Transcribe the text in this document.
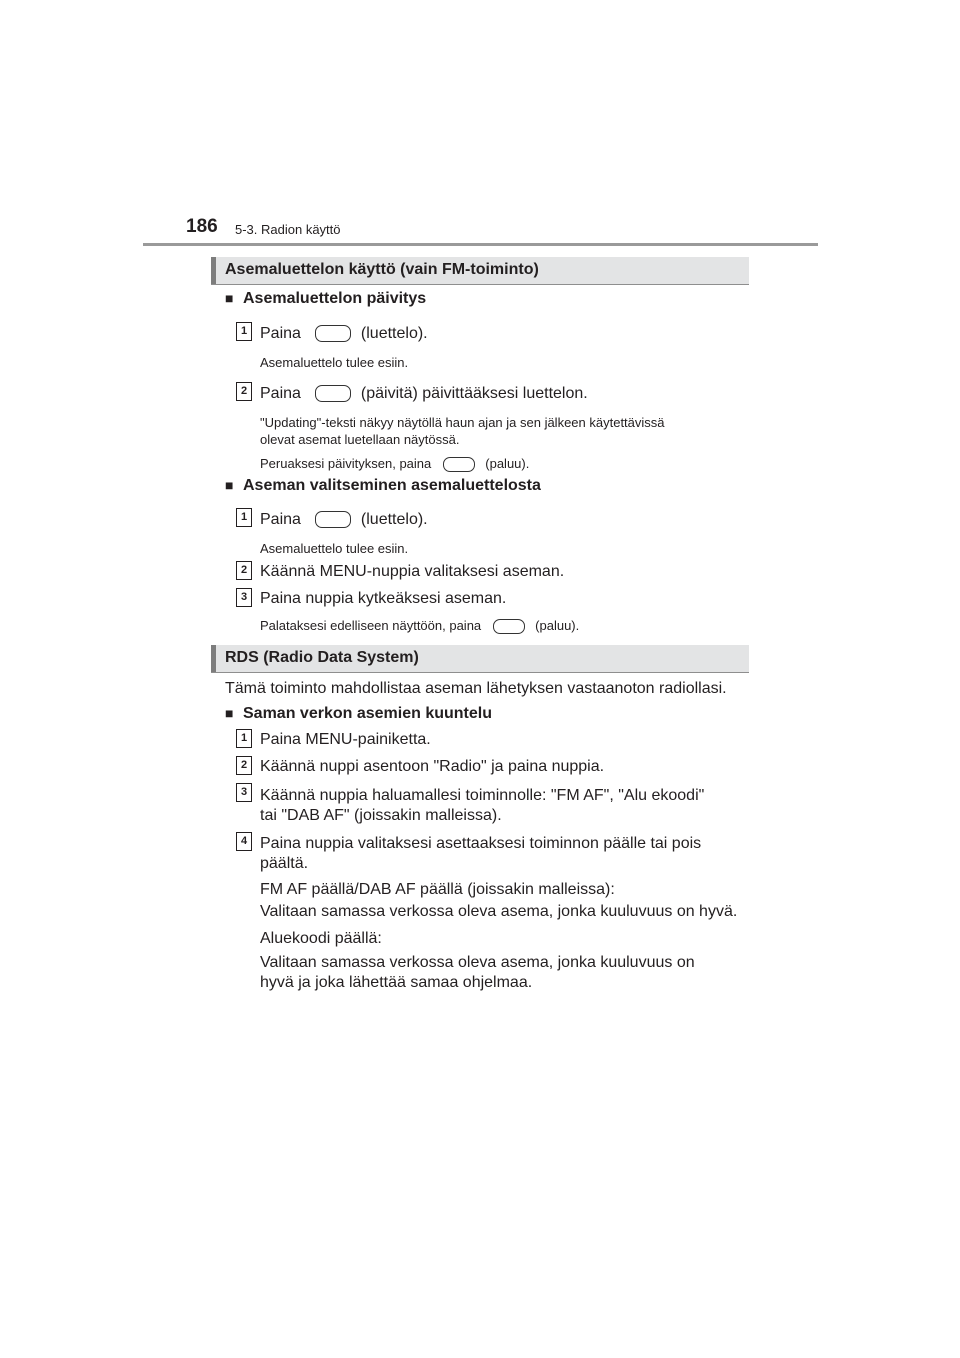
186 5-3. Radion käyttö
Asemaluettelon käyttö (vain FM-toiminto)
■ Asemaluettelon päivitys
1 Paina	(luettelo).
Asemaluettelo tulee esiin.
2 Paina	(päivitä) päivittääksesi luettelon.
"Updating"-teksti näkyy näytöllä haun ajan ja sen jälkeen käytettävissä
olevat asemat luetellaan näytössä.
Peruaksesi päivityksen, paina	(paluu).
■ Aseman valitseminen asemaluettelosta
1 Paina	(luettelo).
Asemaluettelo tulee esiin.
2 Käännä MENU-nuppia valitaksesi aseman.
3 Paina nuppia kytkeäksesi aseman.
Palataksesi edelliseen näyttöön, paina	(paluu).
RDS (Radio Data System)
Tämä toiminto mahdollistaa aseman lähetyksen vastaanoton radiollasi.
■ Saman verkon asemien kuuntelu
1 Paina MENU-painiketta.
2 Käännä nuppi asentoon "Radio" ja paina nuppia.
3 Käännä nuppia haluamallesi toiminnolle: "FM AF", "Alu ekoodi"
tai "DAB AF" (joissakin malleissa).
4 Paina nuppia valitaksesi asettaaksesi toiminnon päälle tai pois
päältä.
FM AF päällä/DAB AF päällä (joissakin malleissa):
Valitaan samassa verkossa oleva asema, jonka kuuluvuus on hyvä.
Aluekoodi päällä:
Valitaan samassa verkossa oleva asema, jonka kuuluvuus on
hyvä ja joka lähettää samaa ohjelmaa.
